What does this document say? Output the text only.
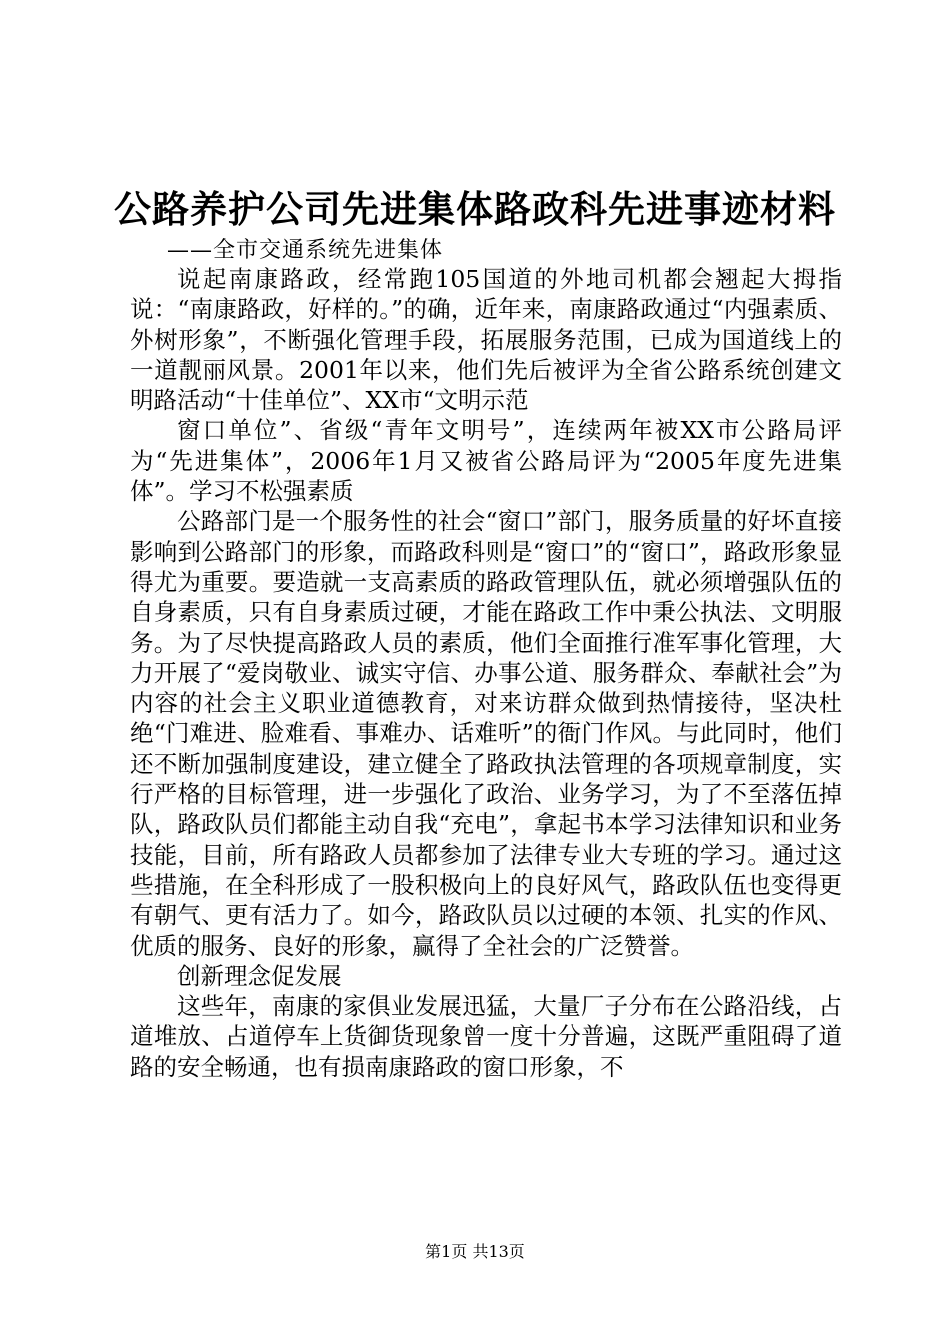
公路养护公司先进集体路政科先进事迹材料
——全市交通系统先进集体

说起南康路政，经常跑105国道的外地司机都会翘起大拇指说：“南康路政，好样的。”的确，近年来，南康路政通过“内强素质、外树形象”，不断强化管理手段，拓展服务范围，已成为国道线上的一道靓丽风景。2001年以来，他们先后被评为全省公路系统创建文明路活动“十佳单位”、XX市“文明示范

窗口单位”、省级“青年文明号”，连续两年被XX市公路局评为“先进集体”，2006年1月又被省公路局评为“2005年度先进集体”。学习不松强素质

公路部门是一个服务性的社会“窗口”部门，服务质量的好坏直接影响到公路部门的形象，而路政科则是“窗口”的“窗口”，路政形象显得尤为重要。要造就一支高素质的路政管理队伍，就必须增强队伍的自身素质，只有自身素质过硬，才能在路政工作中秉公执法、文明服务。为了尽快提高路政人员的素质，他们全面推行准军事化管理，大力开展了“爱岗敬业、诚实守信、办事公道、服务群众、奉献社会”为内容的社会主义职业道德教育，对来访群众做到热情接待，坚决杜绝“门难进、脸难看、事难办、话难听”的衙门作风。与此同时，他们还不断加强制度建设，建立健全了路政执法管理的各项规章制度，实行严格的目标管理，进一步强化了政治、业务学习，为了不至落伍掉队，路政队员们都能主动自我“充电”，拿起书本学习法律知识和业务技能，目前，所有路政人员都参加了法律专业大专班的学习。通过这些措施，在全科形成了一股积极向上的良好风气，路政队伍也变得更有朝气、更有活力了。如今，路政队员以过硬的本领、扎实的作风、优质的服务、良好的形象，赢得了全社会的广泛赞誉。

创新理念促发展

这些年，南康的家俱业发展迅猛，大量厂子分布在公路沿线，占道堆放、占道停车上货御货现象曾一度十分普遍，这既严重阻碍了道路的安全畅通，也有损南康路政的窗口形象，不

第1页 共13页
